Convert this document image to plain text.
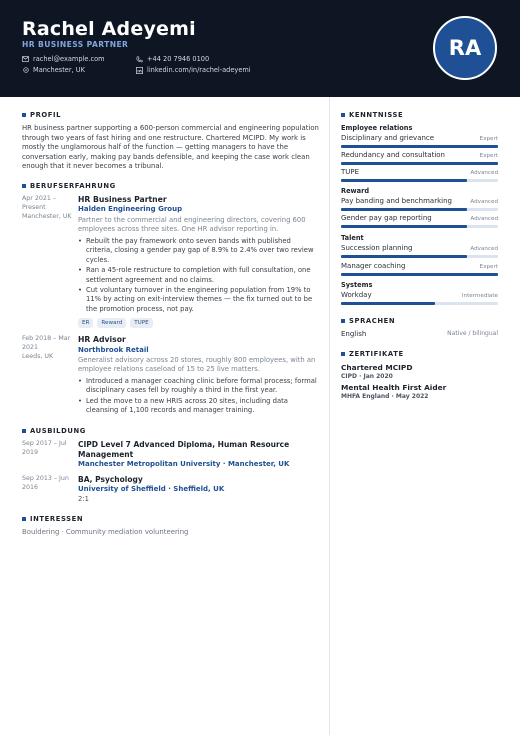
Rachel Adeyemi
HR BUSINESS PARTNER
rachel@example.com
Manchester, UK
+44 20 7946 0100
linkedin.com/in/rachel-adeyemi
RA
PROFIL
HR business partner supporting a 600-person commercial and engineering population through two years of fast hiring and one restructure. Chartered MCIPD. My work is mostly the unglamorous half of the function — getting managers to have the conversation early, making pay bands defensible, and keeping the case work clean enough that it never becomes a tribunal.
BERUFSERFAHRUNG
Apr 2021 – Present
Manchester, UK
HR Business Partner
Halden Engineering Group
Partner to the commercial and engineering directors, covering 600 employees across three sites. One HR advisor reporting in.
• Rebuilt the pay framework onto seven bands with published criteria, closing a gender pay gap of 8.9% to 2.4% over two review cycles.
• Ran a 45-role restructure to completion with full consultation, one settlement agreement and no claims.
• Cut voluntary turnover in the engineering population from 19% to 11% by acting on exit-interview themes — the fix turned out to be the promotion process, not pay.
ER	Reward	TUPE
Feb 2018 – Mar 2021
Leeds, UK
HR Advisor
Northbrook Retail
Generalist advisory across 20 stores, roughly 800 employees, with an employee relations caseload of 15 to 25 live matters.
• Introduced a manager coaching clinic before formal process; formal disciplinary cases fell by roughly a third in the first year.
• Led the move to a new HRIS across 20 sites, including data cleansing of 1,100 records and manager training.
AUSBILDUNG
Sep 2017 – Jul 2019
CIPD Level 7 Advanced Diploma, Human Resource Management
Manchester Metropolitan University · Manchester, UK
Sep 2013 – Jun 2016
BA, Psychology
University of Sheffield · Sheffield, UK
2:1
INTERESSEN
Bouldering · Community mediation volunteering
KENNTNISSE
Employee relations
Disciplinary and grievance	Expert
Redundancy and consultation	Expert
TUPE	Advanced
Reward
Pay banding and benchmarking	Advanced
Gender pay gap reporting	Advanced
Talent
Succession planning	Advanced
Manager coaching	Expert
Systems
Workday	Intermediate
SPRACHEN
English	Native / bilingual
ZERTIFIKATE
Chartered MCIPD
CIPD · Jan 2020
Mental Health First Aider
MHFA England · May 2022
